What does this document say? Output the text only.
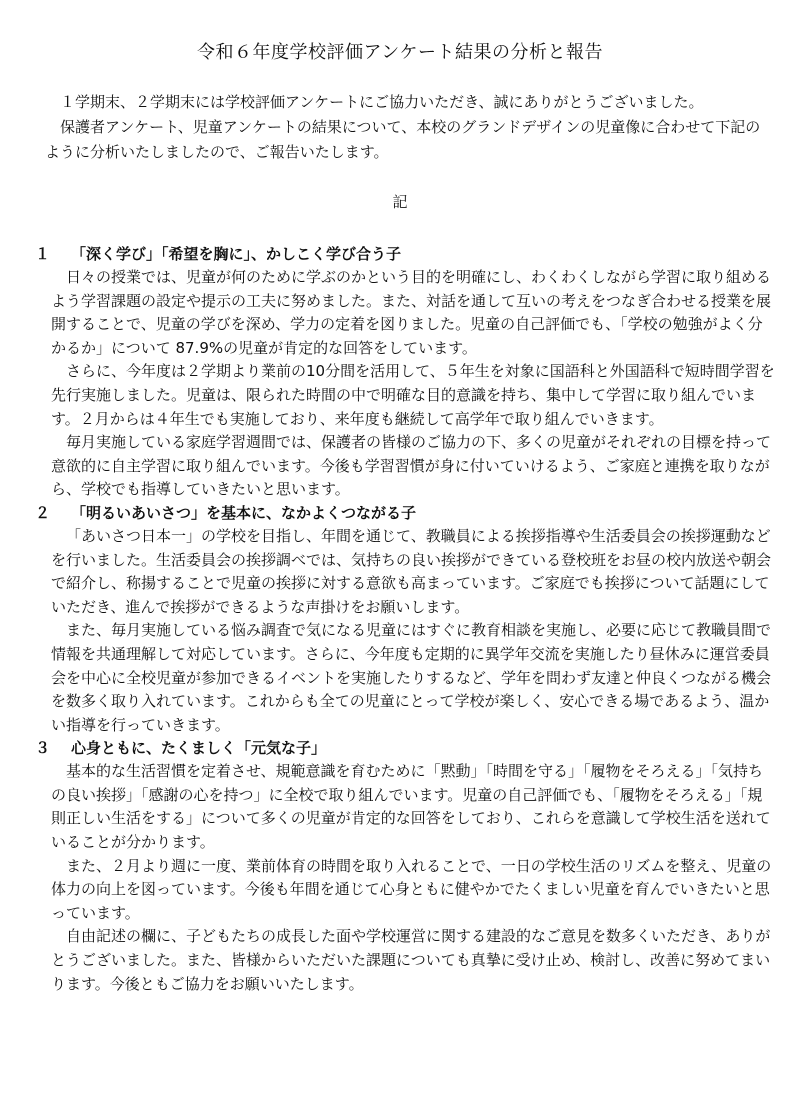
令和６年度学校評価アンケート結果の分析と報告

１学期末、２学期末には学校評価アンケートにご協力いただき、誠にありがとうございました。

保護者アンケート、児童アンケートの結果について、本校のグランドデザインの児童像に合わせて下記のように分析いたしましたので、ご報告いたします。

記
１ 「深く学び」「希望を胸に」、かしこく学び合う子

日々の授業では、児童が何のために学ぶのかという目的を明確にし、わくわくしながら学習に取り組めるよう学習課題の設定や提示の工夫に努めました。また、対話を通して互いの考えをつなぎ合わせる授業を展開することで、児童の学びを深め、学力の定着を図りました。児童の自己評価でも、「学校の勉強がよく分かるか」について 87.9%の児童が肯定的な回答をしています。

さらに、今年度は２学期より業前の10分間を活用して、５年生を対象に国語科と外国語科で短時間学習を先行実施しました。児童は、限られた時間の中で明確な目的意識を持ち、集中して学習に取り組んでいます。２月からは４年生でも実施しており、来年度も継続して高学年で取り組んでいきます。

毎月実施している家庭学習週間では、保護者の皆様のご協力の下、多くの児童がそれぞれの目標を持って意欲的に自主学習に取り組んでいます。今後も学習習慣が身に付いていけるよう、ご家庭と連携を取りながら、学校でも指導していきたいと思います。

２ 「明るいあいさつ」を基本に、なかよくつながる子

「あいさつ日本一」の学校を目指し、年間を通じて、教職員による挨拶指導や生活委員会の挨拶運動などを行いました。生活委員会の挨拶調べでは、気持ちの良い挨拶ができている登校班をお昼の校内放送や朝会で紹介し、称揚することで児童の挨拶に対する意欲も高まっています。ご家庭でも挨拶について話題にしていただき、進んで挨拶ができるような声掛けをお願いします。

また、毎月実施している悩み調査で気になる児童にはすぐに教育相談を実施し、必要に応じて教職員間で情報を共通理解して対応しています。さらに、今年度も定期的に異学年交流を実施したり昼休みに運営委員会を中心に全校児童が参加できるイベントを実施したりするなど、学年を問わず友達と仲良くつながる機会を数多く取り入れています。これからも全ての児童にとって学校が楽しく、安心できる場であるよう、温かい指導を行っていきます。

３ 心身ともに、たくましく「元気な子」

基本的な生活習慣を定着させ、規範意識を育むために「黙動」「時間を守る」「履物をそろえる」「気持ちの良い挨拶」「感謝の心を持つ」に全校で取り組んでいます。児童の自己評価でも、「履物をそろえる」「規則正しい生活をする」について多くの児童が肯定的な回答をしており、これらを意識して学校生活を送れていることが分かります。

また、２月より週に一度、業前体育の時間を取り入れることで、一日の学校生活のリズムを整え、児童の体力の向上を図っています。今後も年間を通じて心身ともに健やかでたくましい児童を育んでいきたいと思っています。

自由記述の欄に、子どもたちの成長した面や学校運営に関する建設的なご意見を数多くいただき、ありがとうございました。また、皆様からいただいた課題についても真摯に受け止め、検討し、改善に努めてまいります。今後ともご協力をお願いいたします。
